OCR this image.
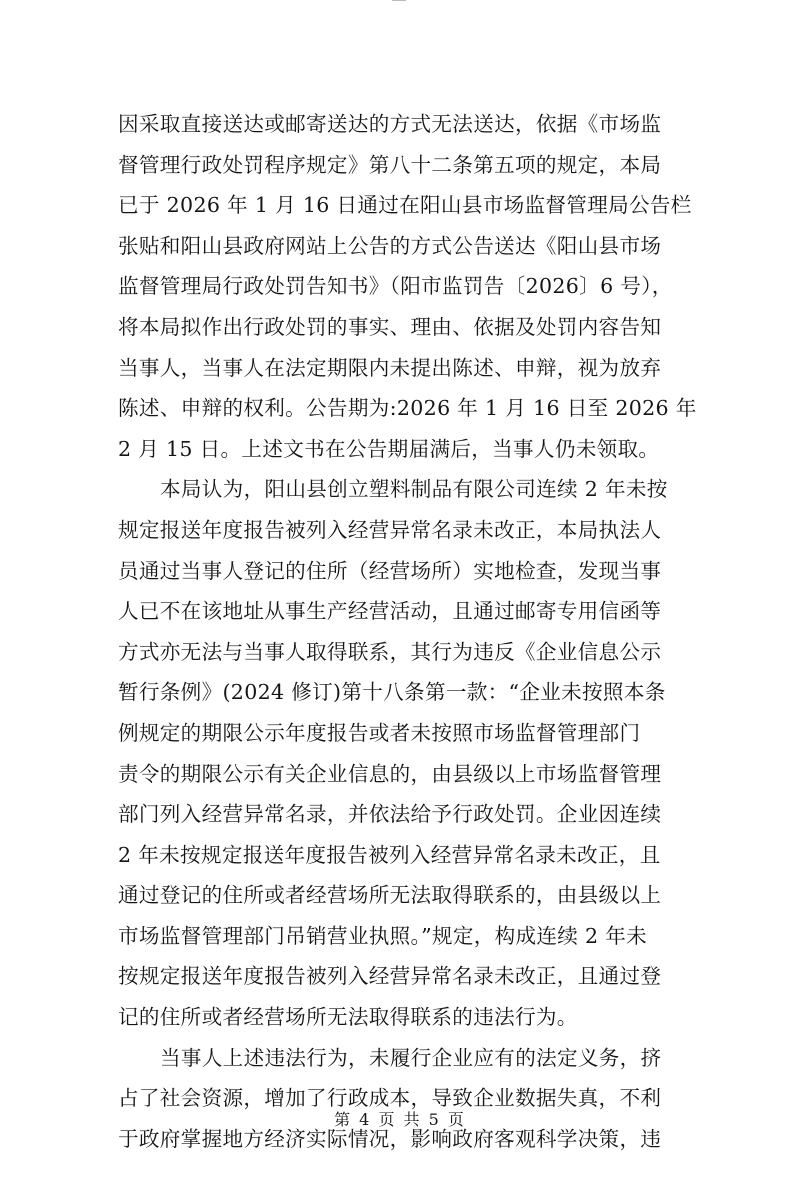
因采取直接送达或邮寄送达的方式无法送达，依据《市场监
督管理行政处罚程序规定》第八十二条第五项的规定，本局
已于 2026 年 1 月 16 日通过在阳山县市场监督管理局公告栏
张贴和阳山县政府网站上公告的方式公告送达《阳山县市场
监督管理局行政处罚告知书》（阳市监罚告〔2026〕6 号），
将本局拟作出行政处罚的事实、理由、依据及处罚内容告知
当事人，当事人在法定期限内未提出陈述、申辩，视为放弃
陈述、申辩的权利。公告期为:2026 年 1 月 16 日至 2026 年
2 月 15 日。上述文书在公告期届满后，当事人仍未领取。
本局认为，阳山县创立塑料制品有限公司连续 2 年未按
规定报送年度报告被列入经营异常名录未改正，本局执法人
员通过当事人登记的住所（经营场所）实地检查，发现当事
人已不在该地址从事生产经营活动，且通过邮寄专用信函等
方式亦无法与当事人取得联系，其行为违反《企业信息公示
暂行条例》(2024 修订)第十八条第一款：“企业未按照本条
例规定的期限公示年度报告或者未按照市场监督管理部门
责令的期限公示有关企业信息的，由县级以上市场监督管理
部门列入经营异常名录，并依法给予行政处罚。企业因连续
2 年未按规定报送年度报告被列入经营异常名录未改正，且
通过登记的住所或者经营场所无法取得联系的，由县级以上
市场监督管理部门吊销营业执照。”规定，构成连续 2 年未
按规定报送年度报告被列入经营异常名录未改正，且通过登
记的住所或者经营场所无法取得联系的违法行为。
当事人上述违法行为，未履行企业应有的法定义务，挤
占了社会资源，增加了行政成本，导致企业数据失真，不利
于政府掌握地方经济实际情况，影响政府客观科学决策，违
第 4 页 共 5 页
